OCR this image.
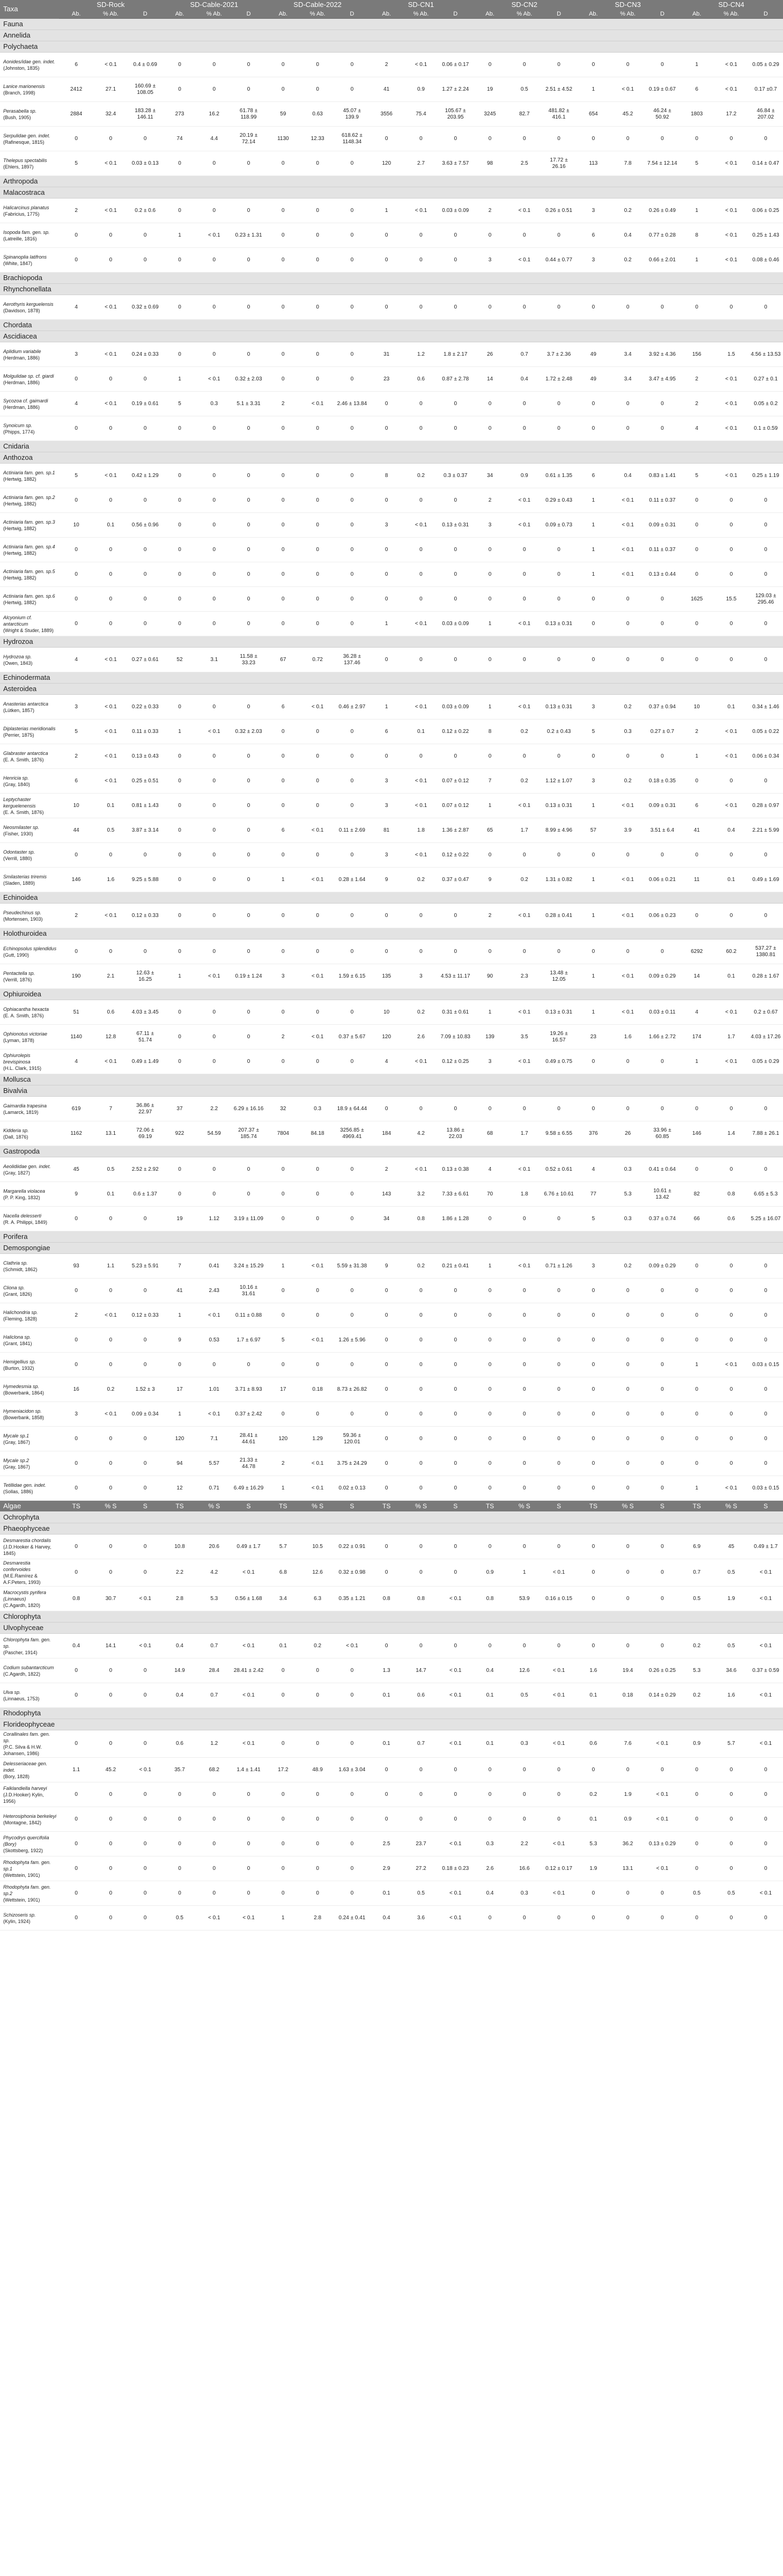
Taxa	SD-Rock			SD-Cable-2021			SD-Cable-2022			SD-CN1			SD-CN2			SD-CN3			SD-CN4		
	Ab.	% Ab.	D	Ab.	% Ab.	D	Ab.	% Ab.	D	Ab.	% Ab.	D	Ab.	% Ab.	D	Ab.	% Ab.	D	Ab.	% Ab.	D
Fauna																					
Annelida																					
Polychaeta																					
Aonides/idae gen. indet.
(Johnston, 1835)	6	< 0.1	0.4 ± 0.69	0	0	0	0	0	0	2	< 0.1	0.06 ± 0.17	0	0	0	0	0	0	1	< 0.1	0.05 ± 0.29
Lanice marionensis
(Branch, 1998)	2412	27.1	160.69 ± 108.05	0	0	0	0	0	0	41	0.9	1.27 ± 2.24	19	0.5	2.51 ± 4.52	1	< 0.1	0.19 ± 0.67	6	< 0.1	0.17 ±0.7
Perasabella sp.
(Bush, 1905)	2884	32.4	183.28 ± 146.11	273	16.2	61.78 ± 118.99	59	0.63	45.07 ± 139.9	3556	75.4	105.67 ± 203.95	3245	82.7	481.82 ± 416.1	654	45.2	46.24 ± 50.92	1803	17.2	46.84 ± 207.02
Serpulidae gen. indet.
(Rafinesque, 1815)	0	0	0	74	4.4	20.19 ± 72.14	1130	12.33	618.62 ± 1148.34	0	0	0	0	0	0	0	0	0	0	0	0
Thelepus spectabilis
(Ehlers, 1897)	5	< 0.1	0.03 ± 0.13	0	0	0	0	0	0	120	2.7	3.63 ± 7.57	98	2.5	17.72 ± 26.16	113	7.8	7.54 ± 12.14	5	< 0.1	0.14 ± 0.47
Arthropoda																					
Malacostraca																					
Halicarcinus planatus
(Fabricius, 1775)	2	< 0.1	0.2 ± 0.6	0	0	0	0	0	0	1	< 0.1	0.03 ± 0.09	2	< 0.1	0.26 ± 0.51	3	0.2	0.26 ± 0.49	1	< 0.1	0.06 ± 0.25
Isopoda fam. gen. sp.
(Latreille, 1816)	0	0	0	1	< 0.1	0.23 ± 1.31	0	0	0	0	0	0	0	0	0	6	0.4	0.77 ± 0.28	8	< 0.1	0.25 ± 1.43
Spinanoplia latifrons
(White, 1847)	0	0	0	0	0	0	0	0	0	0	0	0	3	< 0.1	0.44 ± 0.77	3	0.2	0.66 ± 2.01	1	< 0.1	0.08 ± 0.46
Brachiopoda																					
Rhynchonellata																					
Aerothyris kerguelensis
(Davidson, 1878)	4	< 0.1	0.32 ± 0.69	0	0	0	0	0	0	0	0	0	0	0	0	0	0	0	0	0	0
Chordata																					
Ascidiacea																					
Aplidium variabile
(Herdman, 1886)	3	< 0.1	0.24 ± 0.33	0	0	0	0	0	0	31	1.2	1.8 ± 2.17	26	0.7	3.7 ± 2.36	49	3.4	3.92 ± 4.36	156	1.5	4.56 ± 13.53
Molgulidae sp. cf. giardi
(Herdman, 1886)	0	0	0	1	< 0.1	0.32 ± 2.03	0	0	0	23	0.6	0.87 ± 2.78	14	0.4	1.72 ± 2.48	49	3.4	3.47 ± 4.95	2	< 0.1	0.27 ± 0.1
Sycozoa cf. gaimardi
(Herdman, 1886)	4	< 0.1	0.19 ± 0.61	5	0.3	5.1 ± 3.31	2	< 0.1	2.46 ± 13.84	0	0	0	0	0	0	0	0	0	2	< 0.1	0.05 ± 0.2
Synoicum sp.
(Phipps, 1774)	0	0	0	0	0	0	0	0	0	0	0	0	0	0	0	0	0	0	4	< 0.1	0.1 ± 0.59
Cnidaria																					
Anthozoa																					
Actiniaria fam. gen. sp.1
(Hertwig, 1882)	5	< 0.1	0.42 ± 1.29	0	0	0	0	0	0	8	0.2	0.3 ± 0.37	34	0.9	0.61 ± 1.35	6	0.4	0.83 ± 1.41	5	< 0.1	0.25 ± 1.19
Actiniaria fam. gen. sp.2
(Hertwig, 1882)	0	0	0	0	0	0	0	0	0	0	0	0	2	< 0.1	0.29 ± 0.43	1	< 0.1	0.11 ± 0.37	0	0	0
Actiniaria fam. gen. sp.3
(Hertwig, 1882)	10	0.1	0.56 ± 0.96	0	0	0	0	0	0	3	< 0.1	0.13 ± 0.31	3	< 0.1	0.09 ± 0.73	1	< 0.1	0.09 ± 0.31	0	0	0
Actiniaria fam. gen. sp.4
(Hertwig, 1882)	0	0	0	0	0	0	0	0	0	0	0	0	0	0	0	1	< 0.1	0.11 ± 0.37	0	0	0
Actiniaria fam. gen. sp.5
(Hertwig, 1882)	0	0	0	0	0	0	0	0	0	0	0	0	0	0	0	1	< 0.1	0.13 ± 0.44	0	0	0
Actiniaria fam. gen. sp.6
(Hertwig, 1882)	0	0	0	0	0	0	0	0	0	0	0	0	0	0	0	0	0	0	1625	15.5	129.03 ± 295.46
Alcyonium cf. antarcticum
(Wright & Studer, 1889)	0	0	0	0	0	0	0	0	0	1	< 0.1	0.03 ± 0.09	1	< 0.1	0.13 ± 0.31	0	0	0	0	0	0
Hydrozoa																					
Hydrozoa sp.
(Owen, 1843)	4	< 0.1	0.27 ± 0.61	52	3.1	11.58 ± 33.23	67	0.72	36.28 ± 137.46	0	0	0	0	0	0	0	0	0	0	0	0
Echinodermata																					
Asteroidea																					
Anasterias antarctica
(Lütken, 1857)	3	< 0.1	0.22 ± 0.33	0	0	0	6	< 0.1	0.46 ± 2.97	1	< 0.1	0.03 ± 0.09	1	< 0.1	0.13 ± 0.31	3	0.2	0.37 ± 0.94	10	0.1	0.34 ± 1.46
Diplasterias meridionalis
(Perrier, 1875)	5	< 0.1	0.11 ± 0.33	1	< 0.1	0.32 ± 2.03	0	0	0	6	0.1	0.12 ± 0.22	8	0.2	0.2 ± 0.43	5	0.3	0.27 ± 0.7	2	< 0.1	0.05 ± 0.22
Glabraster antarctica
(E. A. Smith, 1876)	2	< 0.1	0.13 ± 0.43	0	0	0	0	0	0	0	0	0	0	0	0	0	0	0	1	< 0.1	0.06 ± 0.34
Henricia sp.
(Gray, 1840)	6	< 0.1	0.25 ± 0.51	0	0	0	0	0	0	3	< 0.1	0.07 ± 0.12	7	0.2	1.12 ± 1.07	3	0.2	0.18 ± 0.35	0	0	0
Leptychaster kerguelenensis
(E. A. Smith, 1876)	10	0.1	0.81 ± 1.43	0	0	0	0	0	0	3	< 0.1	0.07 ± 0.12	1	< 0.1	0.13 ± 0.31	1	< 0.1	0.09 ± 0.31	6	< 0.1	0.28 ± 0.97
Neosmilaster sp.
(Fisher, 1930)	44	0.5	3.87 ± 3.14	0	0	0	6	< 0.1	0.11 ± 2.69	81	1.8	1.36 ± 2.87	65	1.7	8.99 ± 4.96	57	3.9	3.51 ± 6.4	41	0.4	2.21 ± 5.99
Odontaster sp.
(Verrill, 1880)	0	0	0	0	0	0	0	0	0	3	< 0.1	0.12 ± 0.22	0	0	0	0	0	0	0	0	0
Smilasterias triremis
(Sladen, 1889)	146	1.6	9.25 ± 5.88	0	0	0	1	< 0.1	0.28 ± 1.64	9	0.2	0.37 ± 0.47	9	0.2	1.31 ± 0.82	1	< 0.1	0.06 ± 0.21	11	0.1	0.49 ± 1.69
Echinoidea																					
Pseudechinus sp.
(Mortensen, 1903)	2	< 0.1	0.12 ± 0.33	0	0	0	0	0	0	0	0	0	2	< 0.1	0.28 ± 0.41	1	< 0.1	0.06 ± 0.23	0	0	0
Holothuroidea																					
Echinopsolus splendidus
(Gutt, 1990)	0	0	0	0	0	0	0	0	0	0	0	0	0	0	0	0	0	0	6292	60.2	537.27 ± 1380.81
Pentactella sp.
(Verrill, 1876)	190	2.1	12.63 ± 16.25	1	< 0.1	0.19 ± 1.24	3	< 0.1	1.59 ± 6.15	135	3	4.53 ± 11.17	90	2.3	13.48 ± 12.05	1	< 0.1	0.09 ± 0.29	14	0.1	0.28 ± 1.67
Ophiuroidea																					
Ophiacantha hexacta
(E. A. Smith, 1876)	51	0.6	4.03 ± 3.45	0	0	0	0	0	0	10	0.2	0.31 ± 0.61	1	< 0.1	0.13 ± 0.31	1	< 0.1	0.03 ± 0.11	4	< 0.1	0.2 ± 0.67
Ophionotus victoriae
(Lyman, 1878)	1140	12.8	67.11 ± 51.74	0	0	0	2	< 0.1	0.37 ± 5.67	120	2.6	7.09 ± 10.83	139	3.5	19.26 ± 16.57	23	1.6	1.66 ± 2.72	174	1.7	4.03 ± 17.26
Ophiurolepis brevispinosa
(H.L. Clark, 1915)	4	< 0.1	0.49 ± 1.49	0	0	0	0	0	0	4	< 0.1	0.12 ± 0.25	3	< 0.1	0.49 ± 0.75	0	0	0	1	< 0.1	0.05 ± 0.29
Mollusca																					
Bivalvia																					
Gaimardia trapesina
(Lamarck, 1819)	619	7	36.86 ± 22.97	37	2.2	6.29 ± 16.16	32	0.3	18.9 ± 64.44	0	0	0	0	0	0	0	0	0	0	0	0
Kidderia sp.
(Dall, 1876)	1162	13.1	72.06 ± 69.19	922	54.59	207.37 ± 185.74	7804	84.18	3256.85 ± 4969.41	184	4.2	13.86 ± 22.03	68	1.7	9.58 ± 6.55	376	26	33.96 ± 60.85	146	1.4	7.88 ± 26.1
Gastropoda																					
Aeolidiidae gen. indet.
(Gray, 1827)	45	0.5	2.52 ± 2.92	0	0	0	0	0	0	2	< 0.1	0.13 ± 0.38	4	< 0.1	0.52 ± 0.61	4	0.3	0.41 ± 0.64	0	0	0
Margarella violacea
(P. P. King, 1832)	9	0.1	0.6 ± 1.37	0	0	0	0	0	0	143	3.2	7.33 ± 6.61	70	1.8	6.76 ± 10.61	77	5.3	10.61 ± 13.42	82	0.8	6.65 ± 5.3
Nacella delesserti
(R. A. Philippi, 1849)	0	0	0	19	1.12	3.19 ± 11.09	0	0	0	34	0.8	1.86 ± 1.28	0	0	0	5	0.3	0.37 ± 0.74	66	0.6	5.25 ± 16.07
Porifera																					
Demospongiae																					
Clathria sp.
(Schmidt, 1862)	93	1.1	5.23 ± 5.91	7	0.41	3.24 ± 15.29	1	< 0.1	5.59 ± 31.38	9	0.2	0.21 ± 0.41	1	< 0.1	0.71 ± 1.26	3	0.2	0.09 ± 0.29	0	0	0
Cliona sp.
(Grant, 1826)	0	0	0	41	2.43	10.16 ± 31.61	0	0	0	0	0	0	0	0	0	0	0	0	0	0	0
Halichondria sp.
(Fleming, 1828)	2	< 0.1	0.12 ± 0.33	1	< 0.1	0.11 ± 0.88	0	0	0	0	0	0	0	0	0	0	0	0	0	0	0
Haliclona sp.
(Grant, 1841)	0	0	0	9	0.53	1.7 ± 6.97	5	< 0.1	1.26 ± 5.96	0	0	0	0	0	0	0	0	0	0	0	0
Hemigellius sp.
(Burton, 1932)	0	0	0	0	0	0	0	0	0	0	0	0	0	0	0	0	0	0	1	< 0.1	0.03 ± 0.15
Hymedesmia sp.
(Bowerbank, 1864)	16	0.2	1.52 ± 3	17	1.01	3.71 ± 8.93	17	0.18	8.73 ± 26.82	0	0	0	0	0	0	0	0	0	0	0	0
Hymeniacidon sp.
(Bowerbank, 1858)	3	< 0.1	0.09 ± 0.34	1	< 0.1	0.37 ± 2.42	0	0	0	0	0	0	0	0	0	0	0	0	0	0	0
Mycale sp.1
(Gray, 1867)	0	0	0	120	7.1	28.41 ± 44.61	120	1.29	59.36 ± 120.01	0	0	0	0	0	0	0	0	0	0	0	0
Mycale sp.2
(Gray, 1867)	0	0	0	94	5.57	21.33 ± 44.78	2	< 0.1	3.75 ± 24.29	0	0	0	0	0	0	0	0	0	0	0	0
Tetillidae gen. indet.
(Sollas, 1886)	0	0	0	12	0.71	6.49 ± 16.29	1	< 0.1	0.02 ± 0.13	0	0	0	0	0	0	0	0	0	1	< 0.1	0.03 ± 0.15
Algae	TS	% S	S	TS	% S	S	TS	% S	S	TS	% S	S	TS	% S	S	TS	% S	S	TS	% S	S
Ochrophyta																					
Phaeophyceae																					
Desmarestia chordalis
(J.D.Hooker & Harvey, 1845)	0	0	0	10.8	20.6	0.49 ± 1.7	5.7	10.5	0.22 ± 0.91	0	0	0	0	0	0	0	0	0	6.9	45	0.49 ± 1.7
Desmarestia confervoides
(M.E.Ramírez & A.F.Peters, 1993)	0	0	0	2.2	4.2	< 0.1	6.8	12.6	0.32 ± 0.98	0	0	0	0.9	1	< 0.1	0	0	0	0.7	0.5	< 0.1
Macrocystis pyrifera (Linnaeus)
(C.Agardh, 1820)	0.8	30.7	< 0.1	2.8	5.3	0.56 ± 1.68	3.4	6.3	0.35 ± 1.21	0.8	0.8	< 0.1	0.8	53.9	0.16 ± 0.15	0	0	0	0.5	1.9	< 0.1
Chlorophyta																					
Ulvophyceae																					
Chlorophyta fam. gen. sp.
(Pascher, 1914)	0.4	14.1	< 0.1	0.4	0.7	< 0.1	0.1	0.2	< 0.1	0	0	0	0	0	0	0	0	0	0.2	0.5	< 0.1
Codium subantarcticum
(C.Agardh, 1822)	0	0	0	14.9	28.4	28.41 ± 2.42	0	0	0	1.3	14.7	< 0.1	0.4	12.6	< 0.1	1.6	19.4	0.26 ± 0.25	5.3	34.6	0.37 ± 0.59
Ulva sp.
(Linnaeus, 1753)	0	0	0	0.4	0.7	< 0.1	0	0	0	0.1	0.6	< 0.1	0.1	0.5	< 0.1	0.1	0.18	0.14 ± 0.29	0.2	1.6	< 0.1
Rhodophyta																					
Florideophyceae																					
Corallinales fam. gen. sp.
(P.C. Silva & H.W. Johansen, 1986)	0	0	0	0.6	1.2	< 0.1	0	0	0	0.1	0.7	< 0.1	0.1	0.3	< 0.1	0.6	7.6	< 0.1	0.9	5.7	< 0.1
Delesseriaceae gen. indet.
(Bory, 1828)	1.1	45.2	< 0.1	35.7	68.2	1.4 ± 1.41	17.2	48.9	1.63 ± 3.04	0	0	0	0	0	0	0	0	0	0	0	0
Falklandiella harveyi
(J.D.Hooker) Kylin, 1956)	0	0	0	0	0	0	0	0	0	0	0	0	0	0	0	0.2	1.9	< 0.1	0	0	0
Heterosiphonia berkeleyi
(Montagne, 1842)	0	0	0	0	0	0	0	0	0	0	0	0	0	0	0	0.1	0.9	< 0.1	0	0	0
Phycodrys quercifolia (Bory)
(Skottsberg, 1922)	0	0	0	0	0	0	0	0	0	2.5	23.7	< 0.1	0.3	2.2	< 0.1	5.3	36.2	0.13 ± 0.29	0	0	0
Rhodophyta fam. gen. sp.1
(Wettstein, 1901)	0	0	0	0	0	0	0	0	0	2.9	27.2	0.18 ± 0.23	2.6	16.6	0.12 ± 0.17	1.9	13.1	< 0.1	0	0	0
Rhodophyta fam. gen. sp.2
(Wettstein, 1901)	0	0	0	0	0	0	0	0	0	0.1	0.5	< 0.1	0.4	0.3	< 0.1	0	0	0	0.5	0.5	< 0.1
Schizoseris sp.
(Kylin, 1924)	0	0	0	0.5	< 0.1	< 0.1	1	2.8	0.24 ± 0.41	0.4	3.6	< 0.1	0	0	0	0	0	0	0	0	0
